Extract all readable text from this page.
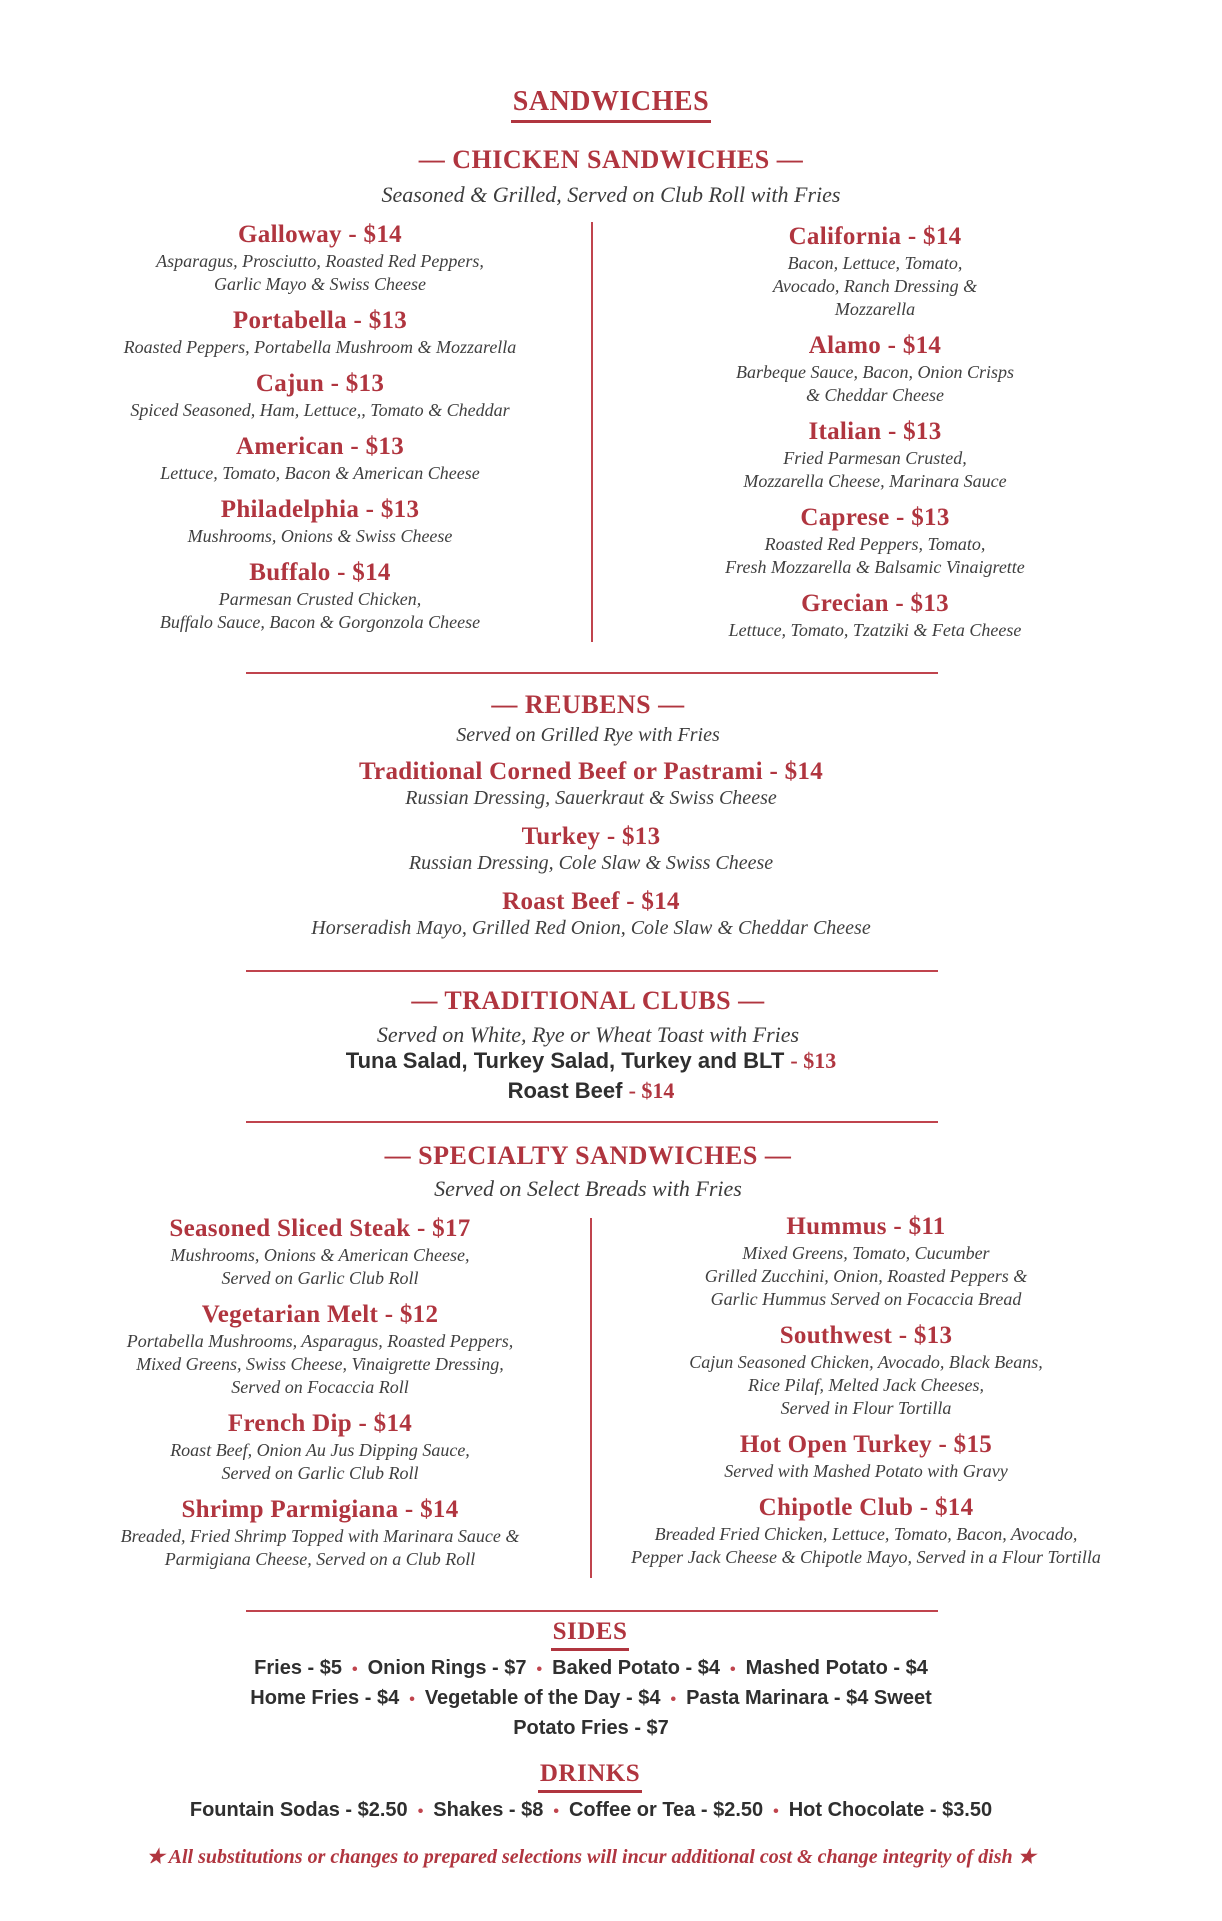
SANDWICHES
— CHICKEN SANDWICHES —
Seasoned & Grilled, Served on Club Roll with Fries
Galloway - $14
Asparagus, Prosciutto, Roasted Red Peppers,
Garlic Mayo & Swiss Cheese
Portabella - $13
Roasted Peppers, Portabella Mushroom & Mozzarella
Cajun - $13
Spiced Seasoned, Ham, Lettuce,, Tomato & Cheddar
American - $13
Lettuce, Tomato, Bacon & American Cheese
Philadelphia - $13
Mushrooms, Onions & Swiss Cheese
Buffalo - $14
Parmesan Crusted Chicken,
Buffalo Sauce, Bacon & Gorgonzola Cheese
California - $14
Bacon, Lettuce, Tomato,
Avocado, Ranch Dressing &
Mozzarella
Alamo - $14
Barbeque Sauce, Bacon, Onion Crisps
& Cheddar Cheese
Italian - $13
Fried Parmesan Crusted,
Mozzarella Cheese, Marinara Sauce
Caprese - $13
Roasted Red Peppers, Tomato,
Fresh Mozzarella & Balsamic Vinaigrette
Grecian - $13
Lettuce, Tomato, Tzatziki & Feta Cheese
— REUBENS —
Served on Grilled Rye with Fries
Traditional Corned Beef or Pastrami - $14
Russian Dressing, Sauerkraut & Swiss Cheese
Turkey - $13
Russian Dressing, Cole Slaw & Swiss Cheese
Roast Beef - $14
Horseradish Mayo, Grilled Red Onion, Cole Slaw & Cheddar Cheese
— TRADITIONAL CLUBS —
Served on White, Rye or Wheat Toast with Fries
Tuna Salad, Turkey Salad, Turkey and BLT - $13
Roast Beef - $14
— SPECIALTY SANDWICHES —
Served on Select Breads with Fries
Seasoned Sliced Steak - $17
Mushrooms, Onions & American Cheese,
Served on Garlic Club Roll
Vegetarian Melt - $12
Portabella Mushrooms, Asparagus, Roasted Peppers,
Mixed Greens, Swiss Cheese, Vinaigrette Dressing,
Served on Focaccia Roll
French Dip - $14
Roast Beef, Onion Au Jus Dipping Sauce,
Served on Garlic Club Roll
Shrimp Parmigiana - $14
Breaded, Fried Shrimp Topped with Marinara Sauce &
Parmigiana Cheese, Served on a Club Roll
Hummus - $11
Mixed Greens, Tomato, Cucumber
Grilled Zucchini, Onion, Roasted Peppers &
Garlic Hummus Served on Focaccia Bread
Southwest - $13
Cajun Seasoned Chicken, Avocado, Black Beans,
Rice Pilaf, Melted Jack Cheeses,
Served in Flour Tortilla
Hot Open Turkey - $15
Served with Mashed Potato with Gravy
Chipotle Club - $14
Breaded Fried Chicken, Lettuce, Tomato, Bacon, Avocado,
Pepper Jack Cheese & Chipotle Mayo, Served in a Flour Tortilla
SIDES
Fries - $5 • Onion Rings - $7 • Baked Potato - $4 • Mashed Potato - $4
Home Fries - $4 • Vegetable of the Day - $4 • Pasta Marinara - $4 Sweet
Potato Fries - $7
DRINKS
Fountain Sodas - $2.50 • Shakes - $8 • Coffee or Tea - $2.50 • Hot Chocolate - $3.50
★ All substitutions or changes to prepared selections will incur additional cost & change integrity of dish ★
